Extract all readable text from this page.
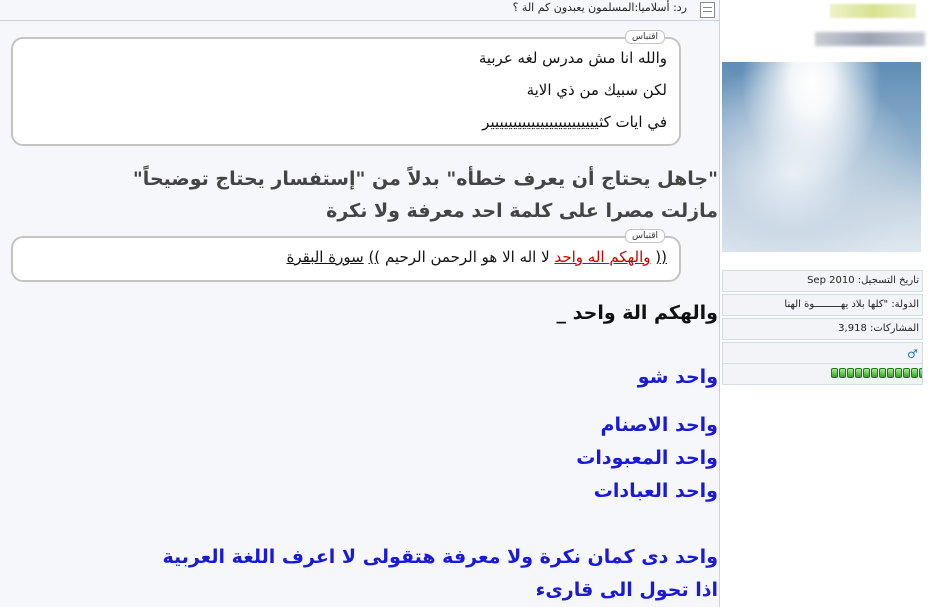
رد: أسلاميا:المسلمون يعبدون كم الة ؟
اقتباس
والله انا مش مدرس لغه عربية
لكن سبيك من ذي الاية
في ايات كثيييييييييييييييييييييييير
"جاهل يحتاج أن يعرف خطأه" بدلاً من "إستفسار يحتاج توضيحاً"
مازلت مصرا على كلمة احد معرفة ولا نكرة
اقتباس
(( والهكم اله واحد لا اله الا هو الرحمن الرحيم )) سورة البقرة
والهكم الة واحد _
واحد شو
واحد الاصنام
واحد المعبودات
واحد العبادات
واحد دى كمان نكرة ولا معرفة هتقولى لا اعرف اللغة العربية
اذا تحول الى قارىء
تاريخ التسجيل: Sep 2010
الدولة: "كلها بلاد يهـــــــــوة الهنا
المشاركات: 3,918
♂
